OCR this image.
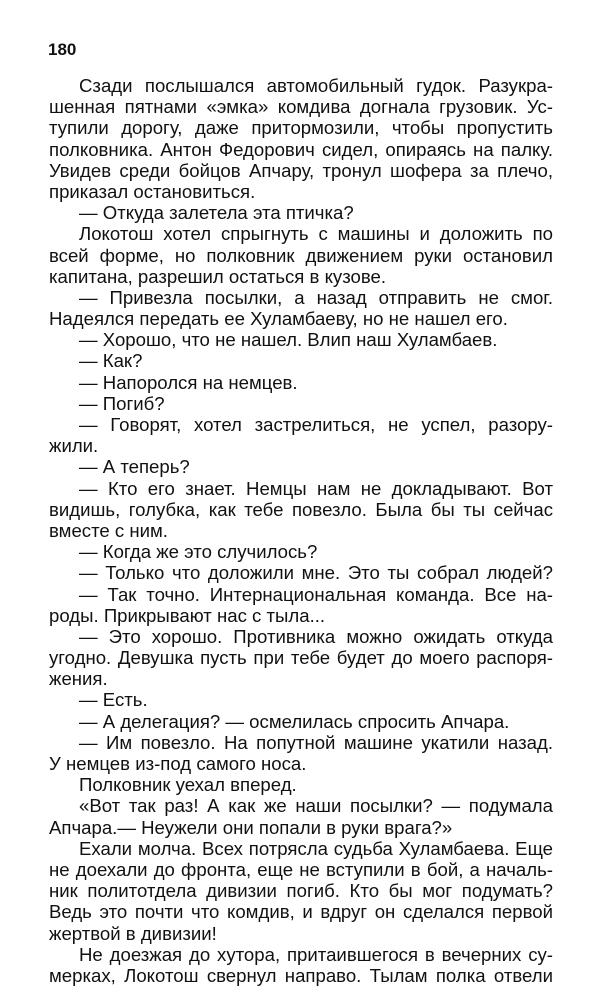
180
Сзади послышался автомобильный гудок. Разукра-
шенная пятнами «эмка» комдива догнала грузовик. Ус-
тупили дорогу, даже притормозили, чтобы пропустить
полковника. Антон Федорович сидел, опираясь на палку.
Увидев среди бойцов Апчару, тронул шофера за плечо,
приказал остановиться.
— Откуда залетела эта птичка?
Локотош хотел спрыгнуть с машины и доложить по
всей форме, но полковник движением руки остановил
капитана, разрешил остаться в кузове.
— Привезла посылки, а назад отправить не смог.
Надеялся передать ее Хуламбаеву, но не нашел его.
— Хорошо, что не нашел. Влип наш Хуламбаев.
— Как?
— Напоролся на немцев.
— Погиб?
— Говорят, хотел застрелиться, не успел, разору-
жили.
— А теперь?
— Кто его знает. Немцы нам не докладывают. Вот
видишь, голубка, как тебе повезло. Была бы ты сейчас
вместе с ним.
— Когда же это случилось?
— Только что доложили мне. Это ты собрал людей?
— Так точно. Интернациональная команда. Все на-
роды. Прикрывают нас с тыла...
— Это хорошо. Противника можно ожидать откуда
угодно. Девушка пусть при тебе будет до моего распоря-
жения.
— Есть.
— А делегация? — осмелилась спросить Апчара.
— Им повезло. На попутной машине укатили назад.
У немцев из-под самого носа.
Полковник уехал вперед.
«Вот так раз! А как же наши посылки? — подумала
Апчара.— Неужели они попали в руки врага?»
Ехали молча. Всех потрясла судьба Хуламбаева. Еще
не доехали до фронта, еще не вступили в бой, а началь-
ник политотдела дивизии погиб. Кто бы мог подумать?
Ведь это почти что комдив, и вдруг он сделался первой
жертвой в дивизии!
Не доезжая до хутора, притаившегося в вечерних су-
мерках, Локотош свернул направо. Тылам полка отвели
